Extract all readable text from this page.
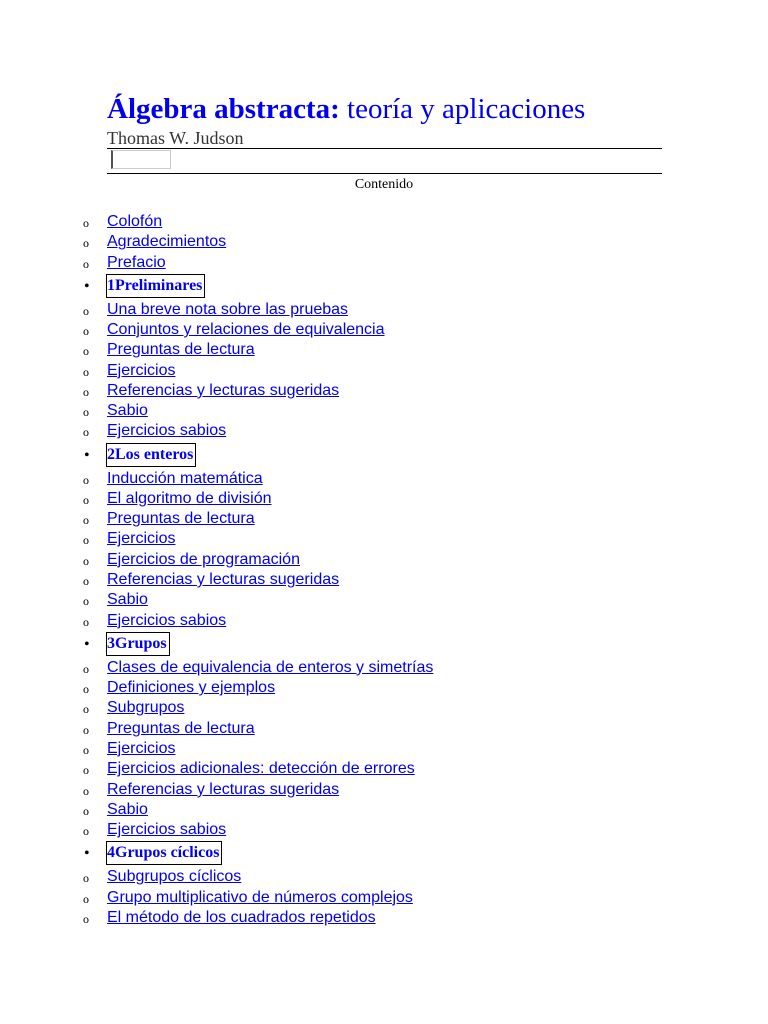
Álgebra abstracta: teoría y aplicaciones
Thomas W. Judson
Contenido
o Colofón
o Agradecimientos
o Prefacio
• 1Preliminares
o Una breve nota sobre las pruebas
o Conjuntos y relaciones de equivalencia
o Preguntas de lectura
o Ejercicios
o Referencias y lecturas sugeridas
o Sabio
o Ejercicios sabios
• 2Los enteros
o Inducción matemática
o El algoritmo de división
o Preguntas de lectura
o Ejercicios
o Ejercicios de programación
o Referencias y lecturas sugeridas
o Sabio
o Ejercicios sabios
• 3Grupos
o Clases de equivalencia de enteros y simetrías
o Definiciones y ejemplos
o Subgrupos
o Preguntas de lectura
o Ejercicios
o Ejercicios adicionales: detección de errores
o Referencias y lecturas sugeridas
o Sabio
o Ejercicios sabios
• 4Grupos cíclicos
o Subgrupos cíclicos
o Grupo multiplicativo de números complejos
o El método de los cuadrados repetidos
